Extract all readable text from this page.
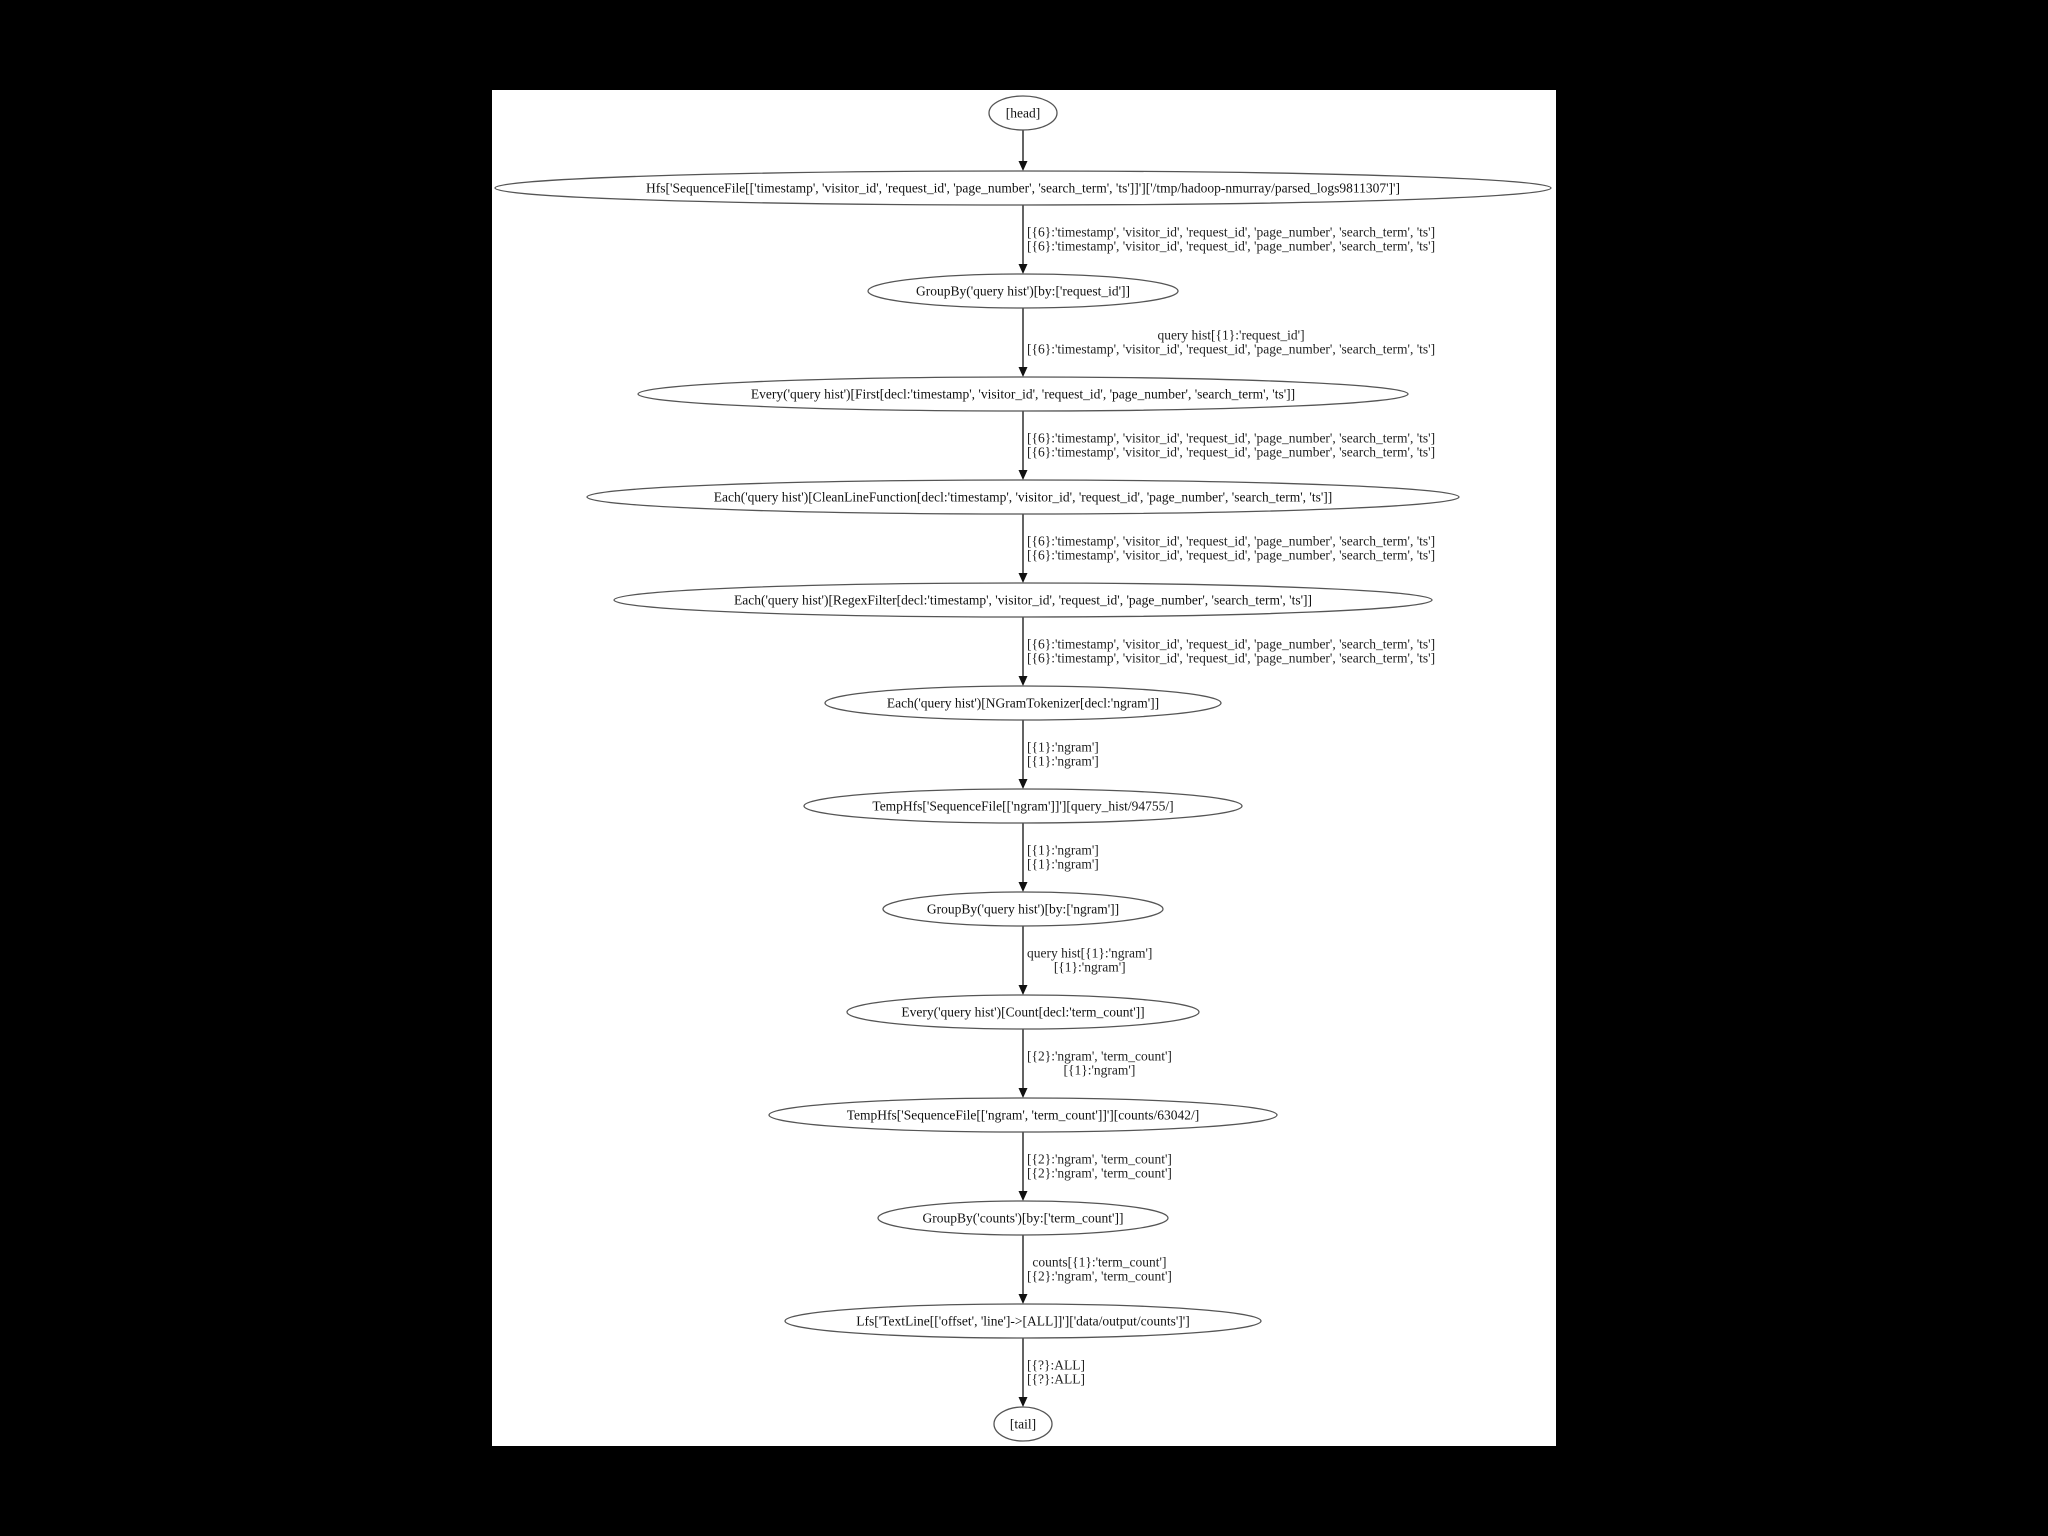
[{6}:'timestamp', 'visitor_id', 'request_id', 'page_number', 'search_term', 'ts']
[{6}:'timestamp', 'visitor_id', 'request_id', 'page_number', 'search_term', 'ts']
query hist[{1}:'request_id']
[{6}:'timestamp', 'visitor_id', 'request_id', 'page_number', 'search_term', 'ts']
[{6}:'timestamp', 'visitor_id', 'request_id', 'page_number', 'search_term', 'ts']
[{6}:'timestamp', 'visitor_id', 'request_id', 'page_number', 'search_term', 'ts']
[{6}:'timestamp', 'visitor_id', 'request_id', 'page_number', 'search_term', 'ts']
[{6}:'timestamp', 'visitor_id', 'request_id', 'page_number', 'search_term', 'ts']
[{6}:'timestamp', 'visitor_id', 'request_id', 'page_number', 'search_term', 'ts']
[{6}:'timestamp', 'visitor_id', 'request_id', 'page_number', 'search_term', 'ts']
[{1}:'ngram']
[{1}:'ngram']
[{1}:'ngram']
[{1}:'ngram']
query hist[{1}:'ngram']
[{1}:'ngram']
[{2}:'ngram', 'term_count']
[{1}:'ngram']
[{2}:'ngram', 'term_count']
[{2}:'ngram', 'term_count']
counts[{1}:'term_count']
[{2}:'ngram', 'term_count']
[{?}:ALL]
[{?}:ALL]
[head]
Hfs['SequenceFile[['timestamp', 'visitor_id', 'request_id', 'page_number', 'search_term', 'ts']]']['/tmp/hadoop-nmurray/parsed_logs9811307']']
GroupBy('query hist')[by:['request_id']]
Every('query hist')[First[decl:'timestamp', 'visitor_id', 'request_id', 'page_number', 'search_term', 'ts']]
Each('query hist')[CleanLineFunction[decl:'timestamp', 'visitor_id', 'request_id', 'page_number', 'search_term', 'ts']]
Each('query hist')[RegexFilter[decl:'timestamp', 'visitor_id', 'request_id', 'page_number', 'search_term', 'ts']]
Each('query hist')[NGramTokenizer[decl:'ngram']]
TempHfs['SequenceFile[['ngram']]'][query_hist/94755/]
GroupBy('query hist')[by:['ngram']]
Every('query hist')[Count[decl:'term_count']]
TempHfs['SequenceFile[['ngram', 'term_count']]'][counts/63042/]
GroupBy('counts')[by:['term_count']]
Lfs['TextLine[['offset', 'line']->[ALL]]']['data/output/counts']']
[tail]
